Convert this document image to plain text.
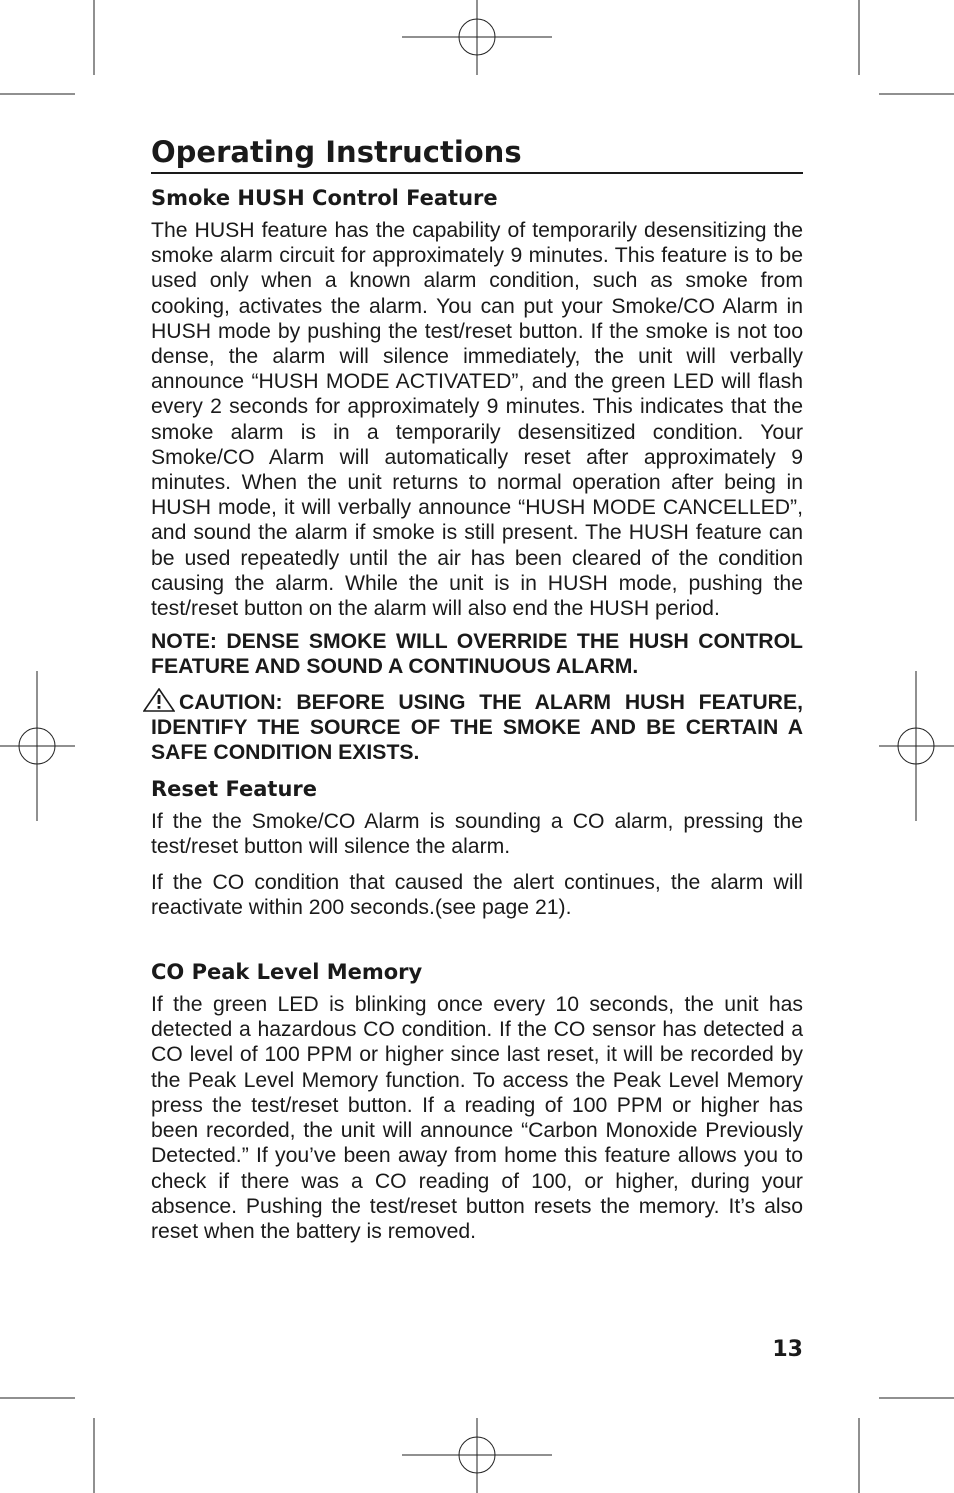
Operating Instructions
Smoke HUSH Control Feature

The HUSH feature has the capability of temporarily desensitizing the smoke alarm circuit for approximately 9 minutes. This feature is to be used only when a known alarm condition, such as smoke from cooking, activates the alarm. You can put your Smoke/CO Alarm in HUSH mode by pushing the test/reset button. If the smoke is not too dense, the alarm will silence immediately, the unit will verbally announce “HUSH MODE ACTIVATED”, and the green LED will flash every 2 seconds for approximately 9 minutes. This indicates that the smoke alarm is in a temporarily desensitized condition. Your Smoke/CO Alarm will automatically reset after approximately 9 minutes. When the unit returns to normal operation after being in HUSH mode, it will verbally announce “HUSH MODE CANCELLED”, and sound the alarm if smoke is still present. The HUSH feature can be used repeatedly until the air has been cleared of the condition causing the alarm. While the unit is in HUSH mode, pushing the test/reset button on the alarm will also end the HUSH period.

NOTE: DENSE SMOKE WILL OVERRIDE THE HUSH CONTROL FEATURE AND SOUND A CONTINUOUS ALARM.

CAUTION: BEFORE USING THE ALARM HUSH FEATURE, IDENTIFY THE SOURCE OF THE SMOKE AND BE CERTAIN A SAFE CONDITION EXISTS.

Reset Feature

If the the Smoke/CO Alarm is sounding a CO alarm, pressing the test/reset button will silence the alarm.

If the CO condition that caused the alert continues, the alarm will reactivate within 200 seconds.(see page 21).

CO Peak Level Memory

If the green LED is blinking once every 10 seconds, the unit has detected a hazardous CO condition. If the CO sensor has detected a CO level of 100 PPM or higher since last reset, it will be recorded by the Peak Level Memory function. To access the Peak Level Memory press the test/reset button. If a reading of 100 PPM or higher has been recorded, the unit will announce “Carbon Monoxide Previously Detected.” If you’ve been away from home this feature allows you to check if there was a CO reading of 100, or higher, during your absence. Pushing the test/reset button resets the memory. It’s also reset when the battery is removed.

13
